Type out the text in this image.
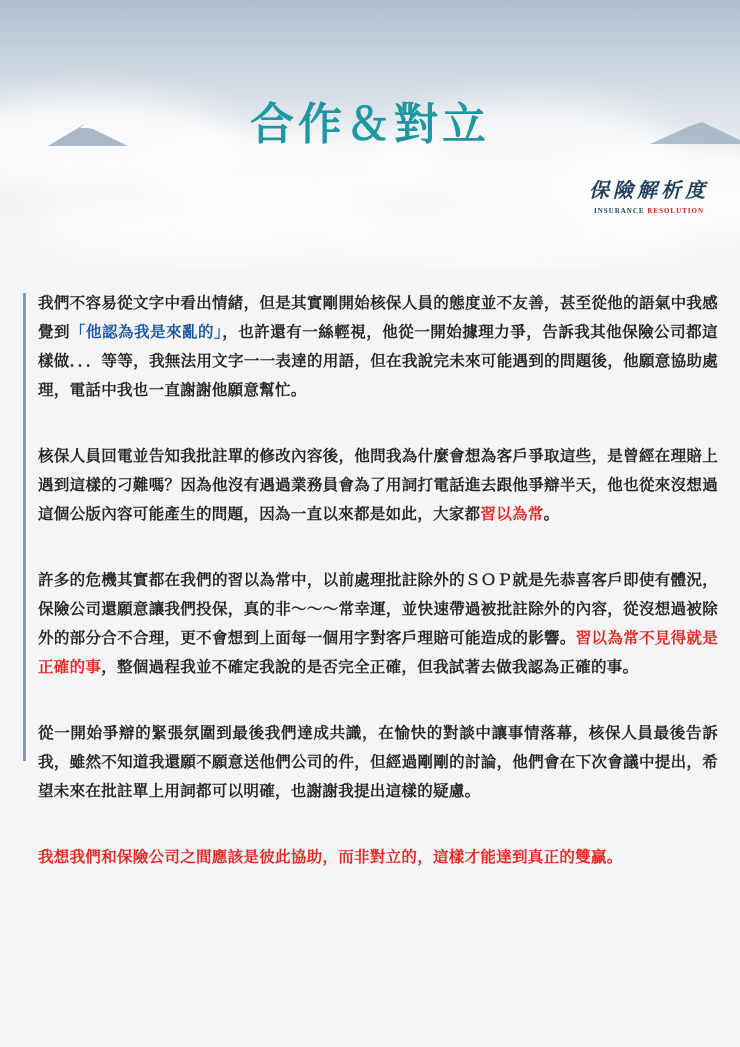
合作＆對立
保險解析度
INSURANCE RESOLUTION

我們不容易從文字中看出情緒，但是其實剛開始核保人員的態度並不友善，甚至從他的語氣中我感覺到「他認為我是來亂的」，也許還有一絲輕視，他從一開始據理力爭，告訴我其他保險公司都這樣做．．．等等，我無法用文字一一表達的用語，但在我說完未來可能遇到的問題後，他願意協助處理，電話中我也一直謝謝他願意幫忙。

核保人員回電並告知我批註單的修改內容後，他問我為什麼會想為客戶爭取這些，是曾經在理賠上遇到這樣的刁難嗎？因為他沒有遇過業務員會為了用詞打電話進去跟他爭辯半天，他也從來沒想過這個公版內容可能產生的問題，因為一直以來都是如此，大家都習以為常。

許多的危機其實都在我們的習以為常中，以前處理批註除外的ＳＯＰ就是先恭喜客戶即使有體況，保險公司還願意讓我們投保，真的非～～～常幸運，並快速帶過被批註除外的內容，從沒想過被除外的部分合不合理，更不會想到上面每一個用字對客戶理賠可能造成的影響。習以為常不見得就是正確的事，整個過程我並不確定我說的是否完全正確，但我試著去做我認為正確的事。

從一開始爭辯的緊張氛圍到最後我們達成共識，在愉快的對談中讓事情落幕，核保人員最後告訴我，雖然不知道我還願不願意送他們公司的件，但經過剛剛的討論，他們會在下次會議中提出，希望未來在批註單上用詞都可以明確，也謝謝我提出這樣的疑慮。

我想我們和保險公司之間應該是彼此協助，而非對立的，這樣才能達到真正的雙贏。
